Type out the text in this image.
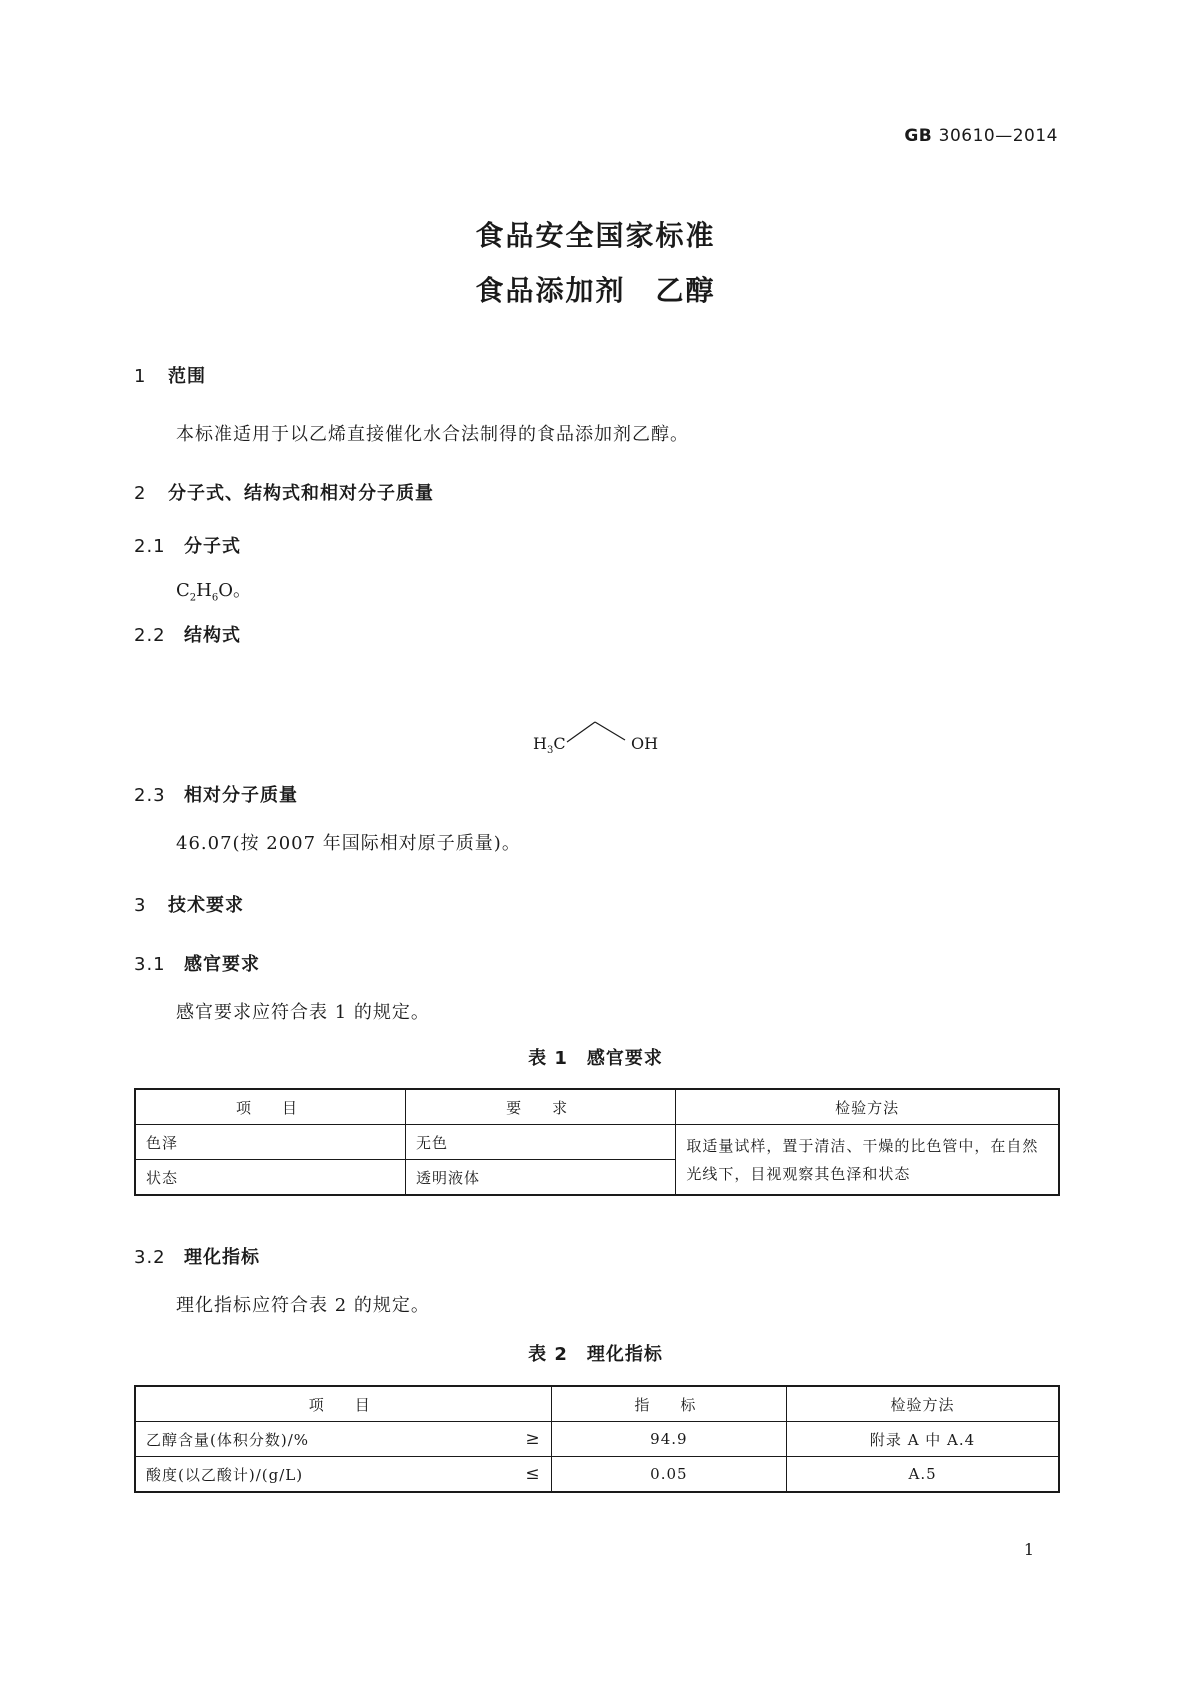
GB 30610—2014
食品安全国家标准
食品添加剂　乙醇
1 范围
本标准适用于以乙烯直接催化水合法制得的食品添加剂乙醇。
2 分子式、结构式和相对分子质量
2.1 分子式
$C_2H_6O$。
2.2 结构式
$H_3C$	OH
2.3 相对分子质量
46.07(按 2007 年国际相对原子质量)。
3 技术要求
3.1 感官要求
感官要求应符合表 1 的规定。
表 1　感官要求
项　目	要　求	检验方法
色泽	无色	取适量试样，置于清洁、干燥的比色管中，在自然光线下，目视观察其色泽和状态
状态	透明液体	
3.2 理化指标
理化指标应符合表 2 的规定。
表 2　理化指标
项　目	指　标	检验方法

乙醇含量(体积分数)/% ≥	94.9	附录 A 中 A.4

酸度(以乙酸计)/(g/L) ≤	0.05	A.5
1
